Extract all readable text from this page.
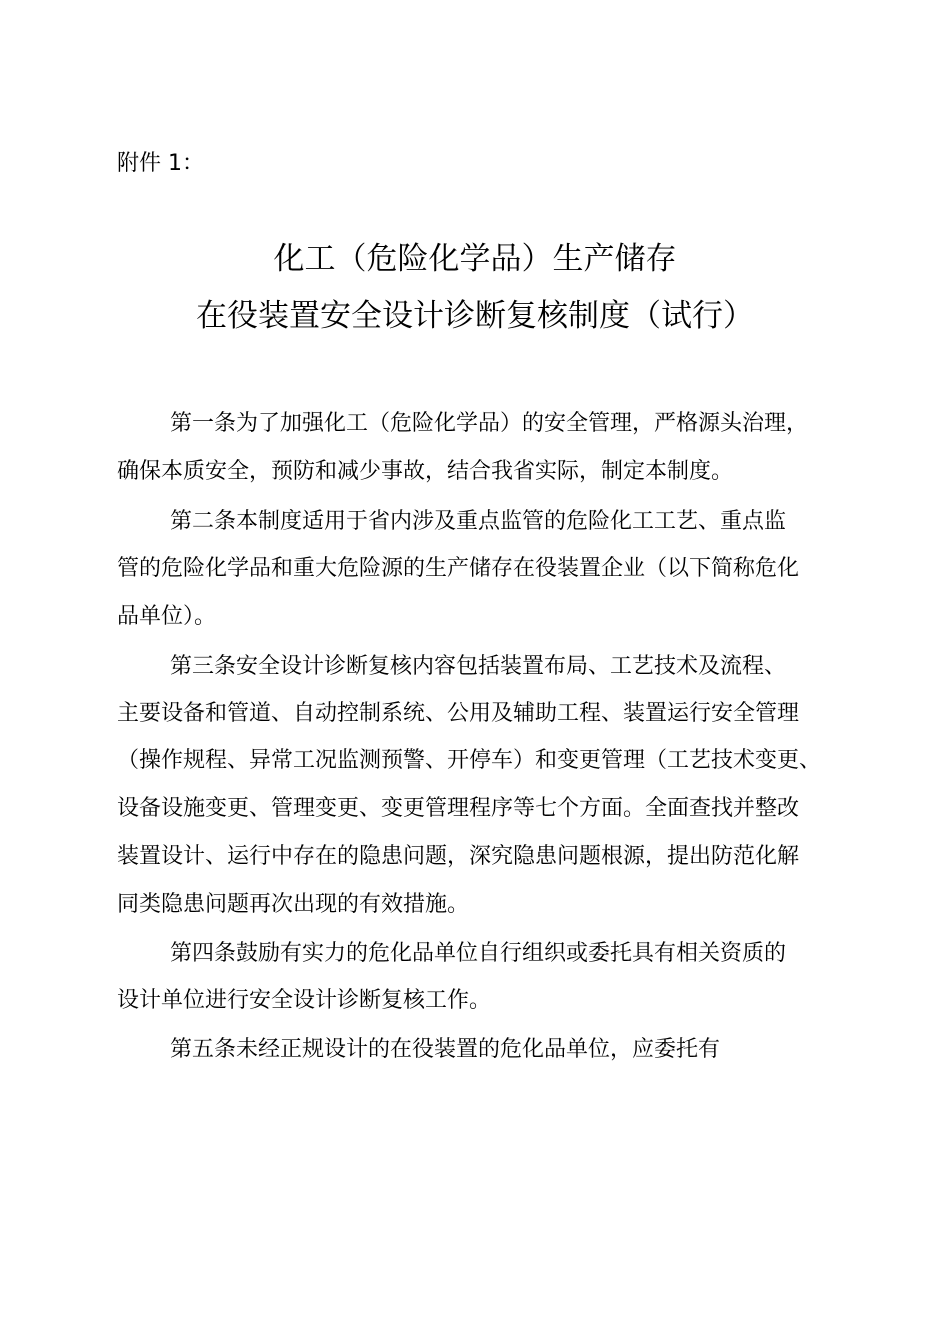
附件 1：
化工（危险化学品）生产储存
在役装置安全设计诊断复核制度（试行）
第一条为了加强化工（危险化学品）的安全管理，严格源头治理，
确保本质安全，预防和减少事故，结合我省实际，制定本制度。
第二条本制度适用于省内涉及重点监管的危险化工工艺、重点监
管的危险化学品和重大危险源的生产储存在役装置企业（以下简称危化
品单位）。
第三条安全设计诊断复核内容包括装置布局、工艺技术及流程、
主要设备和管道、自动控制系统、公用及辅助工程、装置运行安全管理
（操作规程、异常工况监测预警、开停车）和变更管理（工艺技术变更、
设备设施变更、管理变更、变更管理程序等七个方面。全面查找并整改
装置设计、运行中存在的隐患问题，深究隐患问题根源，提出防范化解
同类隐患问题再次出现的有效措施。
第四条鼓励有实力的危化品单位自行组织或委托具有相关资质的
设计单位进行安全设计诊断复核工作。
第五条未经正规设计的在役装置的危化品单位，应委托有
